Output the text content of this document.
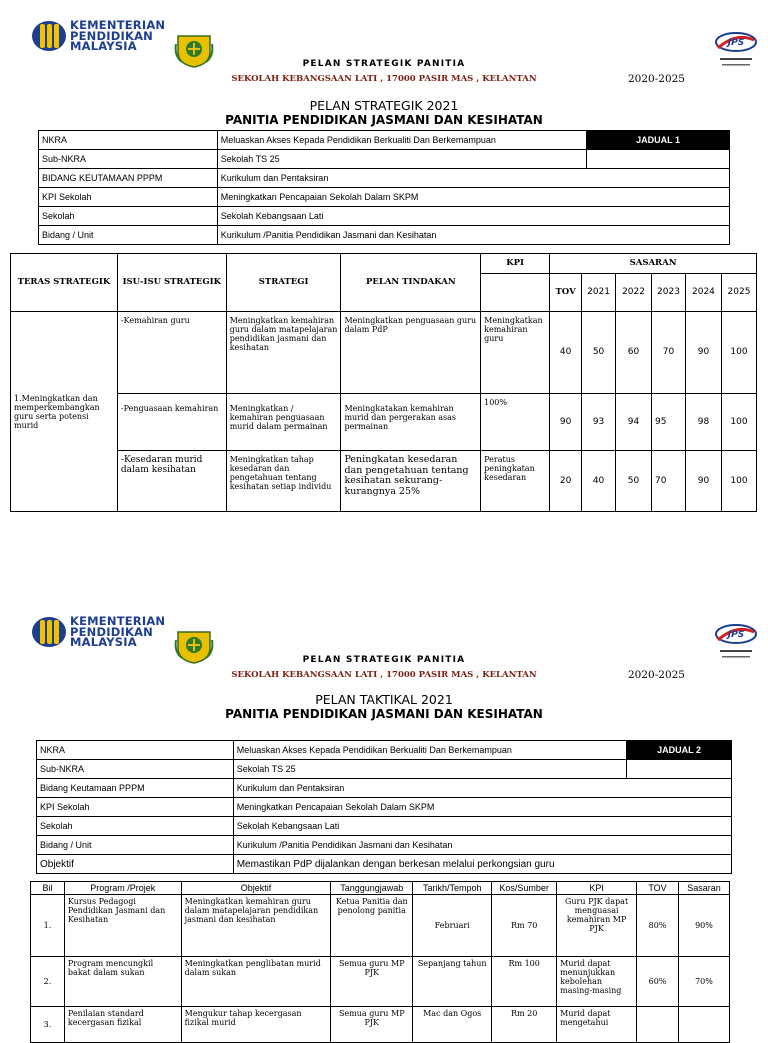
KEMENTERIAN
PENDIDIKAN
MALAYSIA	JPS
PELAN STRATEGIK PANITIA
SEKOLAH KEBANGSAAN LATI , 17000 PASIR MAS , KELANTAN	2020-2025
PELAN STRATEGIK 2021
PANITIA PENDIDIKAN JASMANI DAN KESIHATAN
NKRA	Meluaskan Akses Kepada Pendidikan Berkualiti Dan Berkemampuan	JADUAL 1
Sub-NKRA	Sekolah TS 25	
BIDANG KEUTAMAAN PPPM	Kurikulum dan Pentaksiran	
KPI Sekolah	Meningkatkan Pencapaian Sekolah Dalam SKPM	
Sekolah	Sekolah Kebangsaan Lati	
Bidang / Unit	Kurikulum /Panitia Pendidikan Jasmani dan Kesihatan	
TERAS STRATEGIK	ISU-ISU STRATEGIK	STRATEGI	PELAN TINDAKAN	KPI	SASARAN					
					TOV	2021	2022	2023	2024	2025
1.Meningkatkan dan memperkembangkan guru serta potensi murid	-Kemahiran guru	Meningkatkan kemahiran guru dalam matapelajaran pendidikan jasmani dan kesihatan	Meningkatkan penguasaan guru dalam PdP	Meningkatkan kemahiran guru	40	50	60	70	90	100
	-Penguasaan kemahiran	Meningkatkan / kemahiran penguasaan murid dalam permainan	Meningkatakan kemahiran murid dan pergerakan asas permainan	100%	90	93	94	95	98	100
	-Kesedaran murid dalam kesihatan	Meningkatkan tahap kesedaran dan pengetahuan tentang kesihatan setiap individu	Peningkatan kesedaran dan pengetahuan tentang kesihatan sekurang-kurangnya 25%	Peratus peningkatan kesedaran	20	40	50	70	90	100
KEMENTERIAN
PENDIDIKAN
MALAYSIA	JPS
PELAN STRATEGIK PANITIA
SEKOLAH KEBANGSAAN LATI , 17000 PASIR MAS , KELANTAN	2020-2025
PELAN TAKTIKAL 2021
PANITIA PENDIDIKAN JASMANI DAN KESIHATAN
NKRA	Meluaskan Akses Kepada Pendidikan Berkualiti Dan Berkemampuan	JADUAL 2
Sub-NKRA	Sekolah TS 25	
Bidang Keutamaan PPPM	Kurikulum dan Pentaksiran	
KPI Sekolah	Meningkatkan Pencapaian Sekolah Dalam SKPM	
Sekolah	Sekolah Kebangsaan Lati	
Bidang / Unit	Kurikulum /Panitia Pendidikan Jasmani dan Kesihatan	
Objektif	Memastikan PdP dijalankan dengan berkesan melalui perkongsian guru	
Bil	Program /Projek	Objektif	Tanggungjawab	Tarikh/Tempoh	Kos/Sumber	KPI	TOV	Sasaran
1.	Kursus Pedagogi Pendidikan Jasmani dan Kesihatan	Meningkatkan kemahiran guru dalam matapelajaran pendidikan jasmani dan kesihatan	Ketua Panitia dan penolong panitia	Februari	Rm 70	Guru PJK dapat menguasai kemahiran MP PJK	80%	90%
2.	Program mencungkil bakat dalam sukan	Meningkatkan penglibatan murid dalam sukan	Semua guru MP PJK	Sepanjang tahun	Rm 100	Murid dapat menunjukkan kebolehan masing-masing	60%	70%
3.	Penilaian standard kecergasan fizikal	Mengukur tahap kecergasan fizikal murid	Semua guru MP PJK	Mac dan Ogos	Rm 20	Murid dapat mengetahui		
